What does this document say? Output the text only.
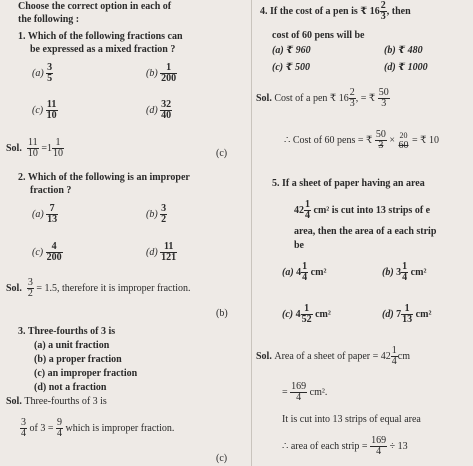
Choose the correct option in each of
the following :
1. Which of the following fractions can
be expressed as a mixed fraction ?
$(a) \frac{3}{5}$	$(b) \frac{1}{200}$
$(c) \frac{11}{10}$	$(d) \frac{32}{40}$
Sol. $\frac{11}{10} =1 \frac{1}{10}$	(c)
2. Which of the following is an improper
fraction ?
$(a) \frac{7}{13}$	$(b) \frac{3}{2}$
$(c) \frac{4}{200}$	$(d) \frac{11}{121}$
Sol. $\frac{3}{2} = 1.5$, therefore it is improper fraction.
(b)
3. Three-fourths of 3 is
(a) a unit fraction
(b) a proper fraction
(c) an improper fraction
(d) not a fraction
Sol. Three-fourths of 3 is
$\frac{3}{4}$ of $3 = \frac{9}{4}$ which is improper fraction.
(c)
4. If the cost of a pen is ₹ $16 \frac{2}{3}$ , then
cost of 60 pens will be
(a) ₹ 960	(b) ₹ 480
(c) ₹ 500	(d) ₹ 1000
Sol. Cost of a pen ₹ $16 \frac{2}{3}$ , = ₹ $\frac{50}{3}$
∴ Cost of 60 pens = ₹ $\frac{50}{3} \times 20$
60 = ₹ 10
5. If a sheet of paper having an area
$42 \frac{1}{4} cm^2$ is cut into 13 strips of e
area, then the area of a each strip
be
(a) $4 \frac{1}{4} cm^2$	(b) $3 \frac{1}{4} cm^2$
(c) $4 \frac{1}{52} cm^2$	(d) $7 \frac{1}{13} cm^2$
Sol. Area of a sheet of paper = $42 \frac{1}{4}$ cm
= $\frac{169}{4} cm^2$.
It is cut into 13 strips of equal area
∴ area of each strip = $\frac{169}{4} \div 13$
